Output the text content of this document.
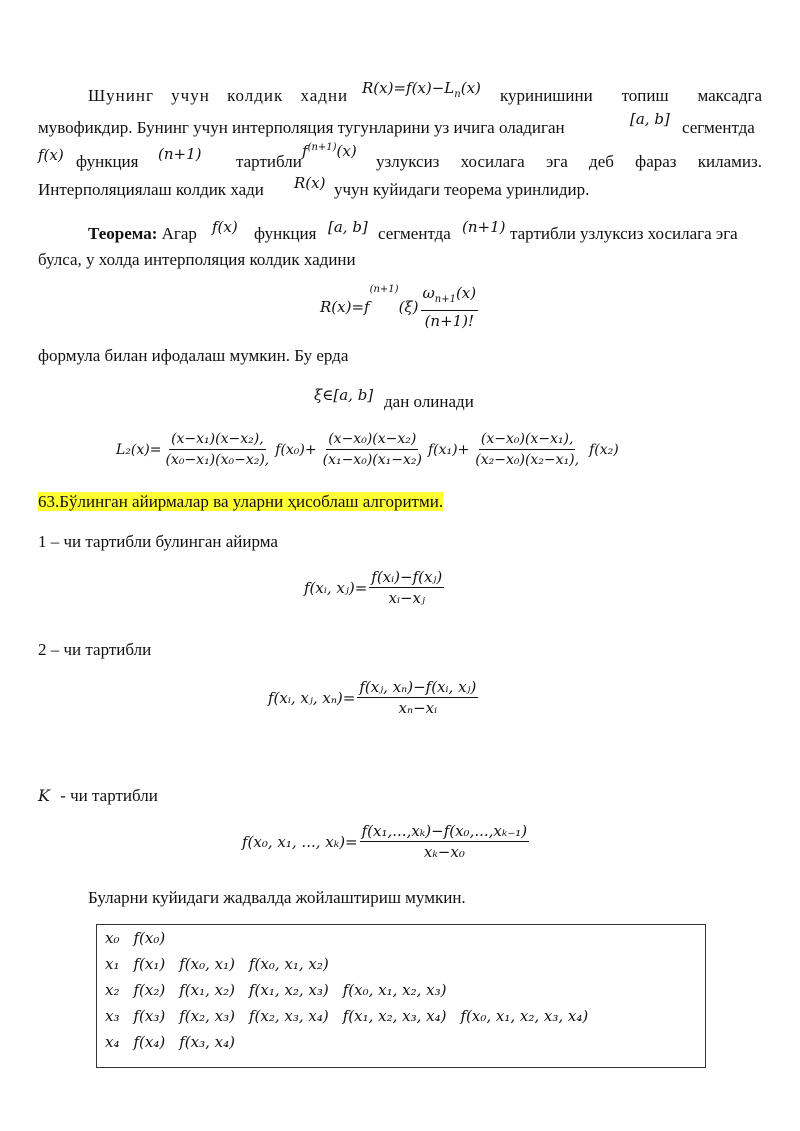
Шунинг учун колдик хадни $R(x)=f(x)-L_n(x)$ куринишини топиш максадга
мувофикдир. Бунинг учун интерполяция тугунларини уз ичига оладиган	[a, b] сегментда
f(x) функция (n+1) тартибли
$f^{(n+1)}(x)$
узлуксиз хосилага эга деб фараз киламиз.
Интерполяциялаш колдик хади R(x) учун куйидаги теорема уринлидир.
Теорема: Агар f(x) функция [a, b] сегментда (n+1) тартибли узлуксиз хосилага эга
булса, у холда интерполяция колдик хадини
R(x)=f
(n+1)
$(\xi) \frac{\omega_{n+1}(x)}{(n+1)!}$
формула билан ифодалаш мумкин. Бу ерда
ξ∈[a, b] дан олинади
$L_2(x)= \frac{\text{(x−x₁)(x−x₂),}}{\text{(x₀−x₁)(x₀−x₂),}} f(x_0)+ \frac{\text{(x−x₀)(x−x₂)}}{\text{(x₁−x₀)(x₁−x₂)}} f(x_1)+ \frac{\text{(x−x₀)(x−x₁),}}{\text{(x₂−x₀)(x₂−x₁),}} f(x_2)$
63.Бўлинган айирмалар ва уларни ҳисоблаш алгоритми.
1 – чи тартибли булинган айирма
f(xᵢ, xⱼ)= $\frac{\text{f(xᵢ)−f(xⱼ)}}{\text{xᵢ−xⱼ}}$
2 – чи тартибли
f(xᵢ, xⱼ, $x_n)= \frac{\text{f(xⱼ, xₙ)−f(xᵢ, xⱼ)}}{\text{xₙ−xᵢ}}$
K - чи тартибли
f(x₀, x₁, ..., $x_k)= \frac{\text{f(x₁,...,xₖ)−f(x₀,...,xₖ₋₁)}}{\text{xₖ−x₀}}$
Буларни куйидаги жадвалда жойлаштириш мумкин.
x₀ f(x₀)
x₁ f(x₁) f(x₀, x₁) f(x₀, x₁, x₂)
x₂ f(x₂) f(x₁, x₂) f(x₁, x₂, x₃) f(x₀, x₁, x₂, x₃)
x₃ f(x₃) f(x₂, x₃) f(x₂, x₃, x₄) f(x₁, x₂, x₃, x₄) f(x₀, x₁, x₂, x₃, x₄)
x₄ f(x₄) f(x₃, x₄)
